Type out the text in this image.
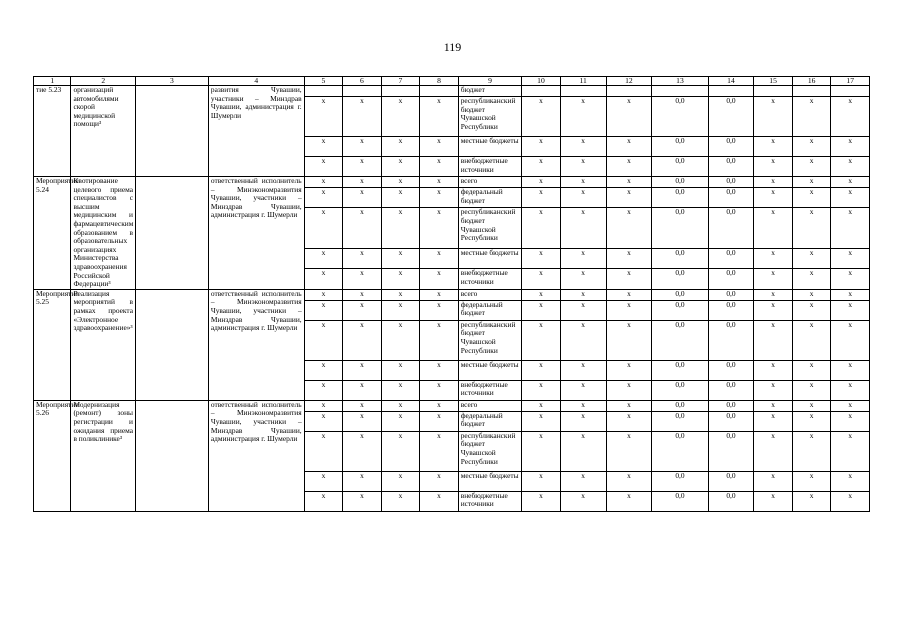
119
1	2	3	4	5	6	7	8	9	10	11	12	13	14	15	16	17
тие 5.23	организаций автомобилями скорой медицинской помощи³		развития Чувашии, участники – Минздрав Чувашии, администрация г. Шумерли					бюджет								
				x	x	x	x	республиканский бюджет Чувашской Республики	x	x	x	0,0	0,0	x	x	x
				x	x	x	x	местные бюджеты	x	x	x	0,0	0,0	x	x	x
				x	x	x	x	внебюджетные источники	x	x	x	0,0	0,0	x	x	x
Мероприятие 5.24	Квотирование целевого приема специалистов с высшим медицинским и фармацевтическим образованием в образовательных организациях Министерства здравоохранения Российской Федерации³		ответственный исполнитель – Минэкономразвития Чувашии, участники – Минздрав Чувашии, администрация г. Шумерли	x	x	x	x	всего	x	x	x	0,0	0,0	x	x	x
				x	x	x	x	федеральный бюджет	x	x	x	0,0	0,0	x	x	x
				x	x	x	x	республиканский бюджет Чувашской Республики	x	x	x	0,0	0,0	x	x	x
				x	x	x	x	местные бюджеты	x	x	x	0,0	0,0	x	x	x
				x	x	x	x	внебюджетные источники	x	x	x	0,0	0,0	x	x	x
Мероприятие 5.25	Реализация мероприятий в рамках проекта «Электронное здравоохранение»³		ответственный исполнитель – Минэкономразвития Чувашии, участники – Минздрав Чувашии, администрация г. Шумерли	x	x	x	x	всего	x	x	x	0,0	0,0	x	x	x
				x	x	x	x	федеральный бюджет	x	x	x	0,0	0,0	x	x	x
				x	x	x	x	республиканский бюджет Чувашской Республики	x	x	x	0,0	0,0	x	x	x
				x	x	x	x	местные бюджеты	x	x	x	0,0	0,0	x	x	x
				x	x	x	x	внебюджетные источники	x	x	x	0,0	0,0	x	x	x
Мероприятие 5.26	Модернизация (ремонт) зоны регистрации и ожидания приема в поликлинике³		ответственный исполнитель – Минэкономразвития Чувашии, участники – Минздрав Чувашии, администрация г. Шумерли	x	x	x	x	всего	x	x	x	0,0	0,0	x	x	x
				x	x	x	x	федеральный бюджет	x	x	x	0,0	0,0	x	x	x
				x	x	x	x	республиканский бюджет Чувашской Республики	x	x	x	0,0	0,0	x	x	x
				x	x	x	x	местные бюджеты	x	x	x	0,0	0,0	x	x	x
				x	x	x	x	внебюджетные источники	x	x	x	0,0	0,0	x	x	x
